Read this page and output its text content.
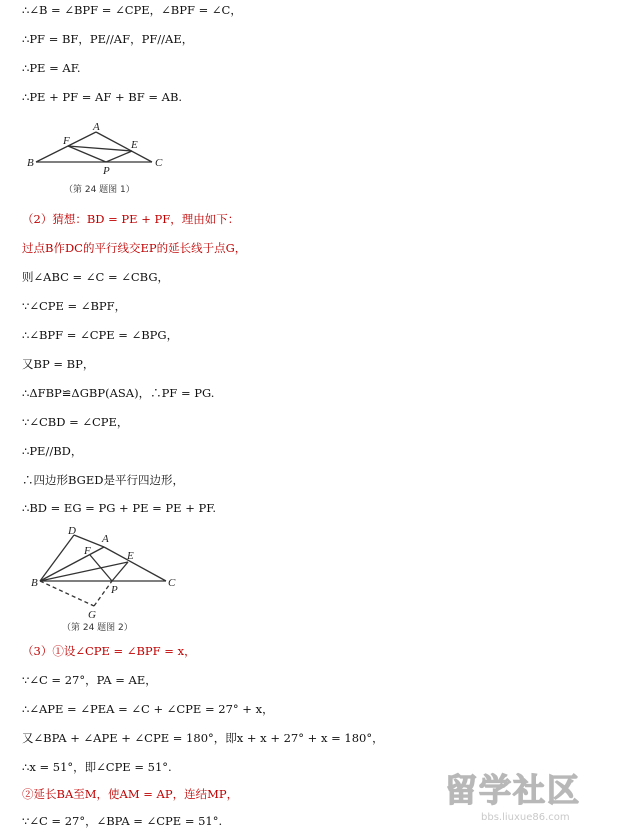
∴∠B = ∠BPF = ∠CPE，∠BPF = ∠C，
∴PF = BF，PE//AF，PF//AE，
∴PE = AF.
∴PE + PF = AF + BF = AB.
A
B	C
F	E
P
（第 24 题图 1）
（2）猜想：BD = PE + PF，理由如下：
过点B作DC的平行线交EP的延长线于点G，
则∠ABC = ∠C = ∠CBG，
∵∠CPE = ∠BPF，
∴∠BPF = ∠CPE = ∠BPG，
又BP = BP，
∴ΔFBP≌ΔGBP(ASA)，∴PF = PG.
∵∠CBD = ∠CPE，
∴PE//BD，
∴四边形BGED是平行四边形，
∴BD = EG = PG + PE = PE + PF.
D
A
F	E
B	C
P
G
（第 24 题图 2）
（3）①设∠CPE = ∠BPF = x，
∵∠C = 27°，PA = AE，
∴∠APE = ∠PEA = ∠C + ∠CPE = 27° + x，
又∠BPA + ∠APE + ∠CPE = 180°，即x + x + 27° + x = 180°，
∴x = 51°，即∠CPE = 51°.
②延长BA至M，使AM = AP，连结MP，
∵∠C = 27°，∠BPA = ∠CPE = 51°.
留学社区
bbs.liuxue86.com
